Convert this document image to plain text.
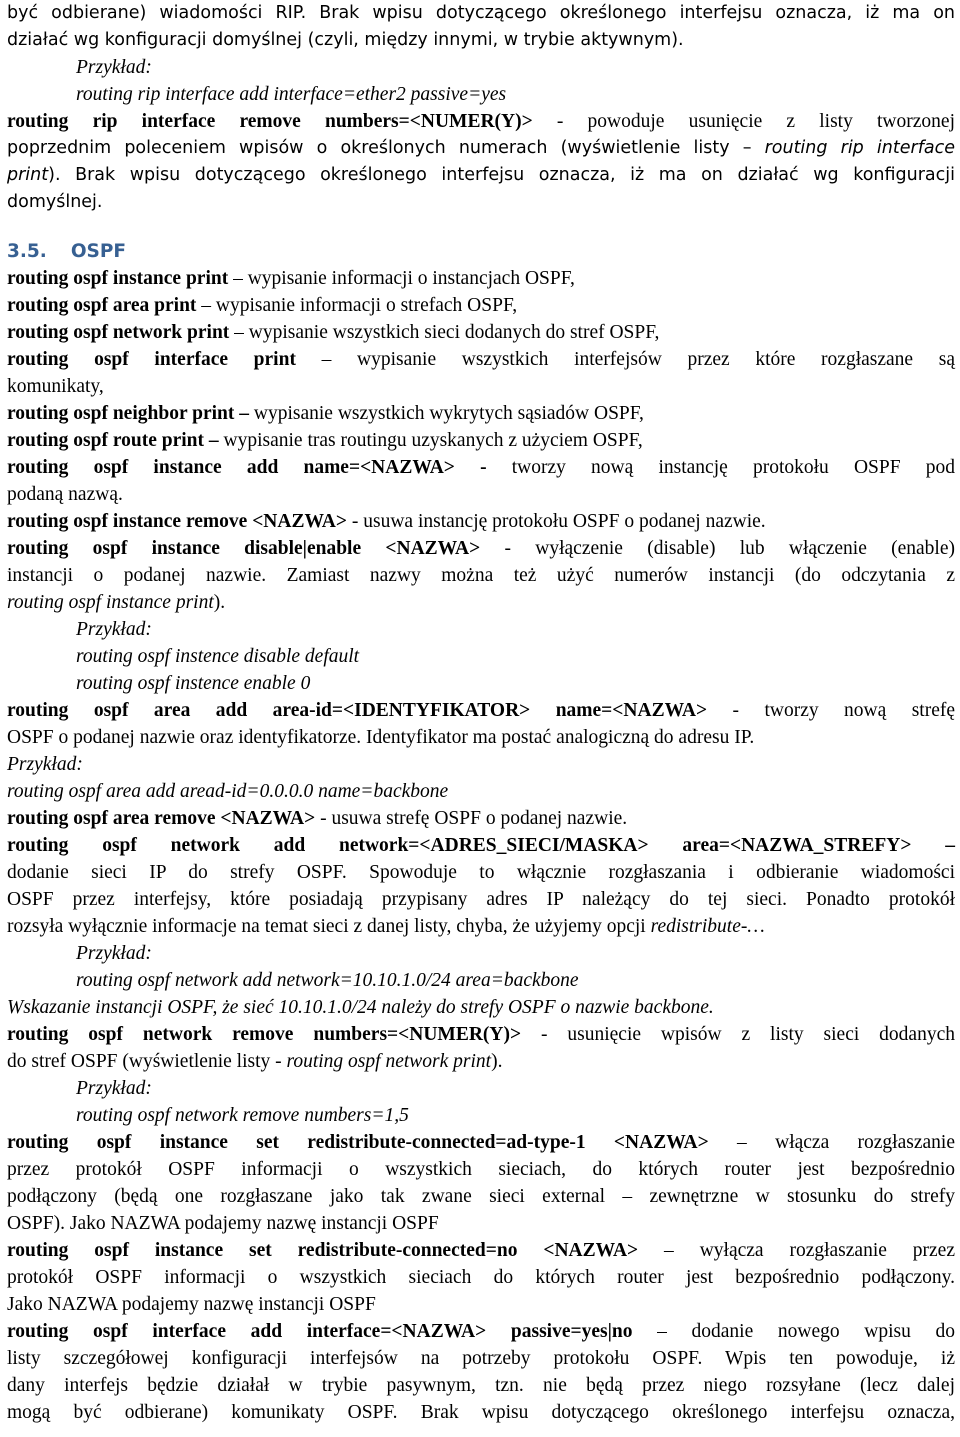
3.5. OSPF
być odbierane) wiadomości RIP. Brak wpisu dotyczącego określonego interfejsu oznacza, iż ma on
działać wg konfiguracji domyślnej (czyli, między innymi, w trybie aktywnym).
Przykład:
routing rip interface add interface=ether2 passive=yes
routing rip interface remove numbers=<NUMER(Y)> - powoduje usunięcie z listy tworzonej
poprzednim poleceniem wpisów o określonych numerach (wyświetlenie listy – routing rip interface
print). Brak wpisu dotyczącego określonego interfejsu oznacza, iż ma on działać wg konfiguracji
domyślnej.
routing ospf instance print – wypisanie informacji o instancjach OSPF,
routing ospf area print – wypisanie informacji o strefach OSPF,
routing ospf network print – wypisanie wszystkich sieci dodanych do stref OSPF,
routing ospf interface print – wypisanie wszystkich interfejsów przez które rozgłaszane są
komunikaty,
routing ospf neighbor print – wypisanie wszystkich wykrytych sąsiadów OSPF,
routing ospf route print – wypisanie tras routingu uzyskanych z użyciem OSPF,
routing ospf instance add name=<NAZWA> - tworzy nową instancję protokołu OSPF pod
podaną nazwą.
routing ospf instance remove <NAZWA> - usuwa instancję protokołu OSPF o podanej nazwie.
routing ospf instance disable|enable <NAZWA> - wyłączenie (disable) lub włączenie (enable)
instancji o podanej nazwie. Zamiast nazwy można też użyć numerów instancji (do odczytania z
routing ospf instance print).
Przykład:
routing ospf instence disable default
routing ospf instence enable 0
routing ospf area add area-id=<IDENTYFIKATOR> name=<NAZWA> - tworzy nową strefę
OSPF o podanej nazwie oraz identyfikatorze. Identyfikator ma postać analogiczną do adresu IP.
Przykład:
routing ospf area add aread-id=0.0.0.0 name=backbone
routing ospf area remove <NAZWA> - usuwa strefę OSPF o podanej nazwie.
routing ospf network add network=<ADRES_SIECI/MASKA> area=<NAZWA_STREFY> –
dodanie sieci IP do strefy OSPF. Spowoduje to włącznie rozgłaszania i odbieranie wiadomości
OSPF przez interfejsy, które posiadają przypisany adres IP należący do tej sieci. Ponadto protokół
rozsyła wyłącznie informacje na temat sieci z danej listy, chyba, że użyjemy opcji redistribute-…
Przykład:
routing ospf network add network=10.10.1.0/24 area=backbone
Wskazanie instancji OSPF, że sieć 10.10.1.0/24 należy do strefy OSPF o nazwie backbone.
routing ospf network remove numbers=<NUMER(Y)> - usunięcie wpisów z listy sieci dodanych
do stref OSPF (wyświetlenie listy - routing ospf network print).
Przykład:
routing ospf network remove numbers=1,5
routing ospf instance set redistribute-connected=ad-type-1 <NAZWA> – włącza rozgłaszanie
przez protokół OSPF informacji o wszystkich sieciach, do których router jest bezpośrednio
podłączony (będą one rozgłaszane jako tak zwane sieci external – zewnętrzne w stosunku do strefy
OSPF). Jako NAZWA podajemy nazwę instancji OSPF
routing ospf instance set redistribute-connected=no <NAZWA> – wyłącza rozgłaszanie przez
protokół OSPF informacji o wszystkich sieciach do których router jest bezpośrednio podłączony.
Jako NAZWA podajemy nazwę instancji OSPF
routing ospf interface add interface=<NAZWA> passive=yes|no – dodanie nowego wpisu do
listy szczegółowej konfiguracji interfejsów na potrzeby protokołu OSPF. Wpis ten powoduje, iż
dany interfejs będzie działał w trybie pasywnym, tzn. nie będą przez niego rozsyłane (lecz dalej
mogą być odbierane) komunikaty OSPF. Brak wpisu dotyczącego określonego interfejsu oznacza,
